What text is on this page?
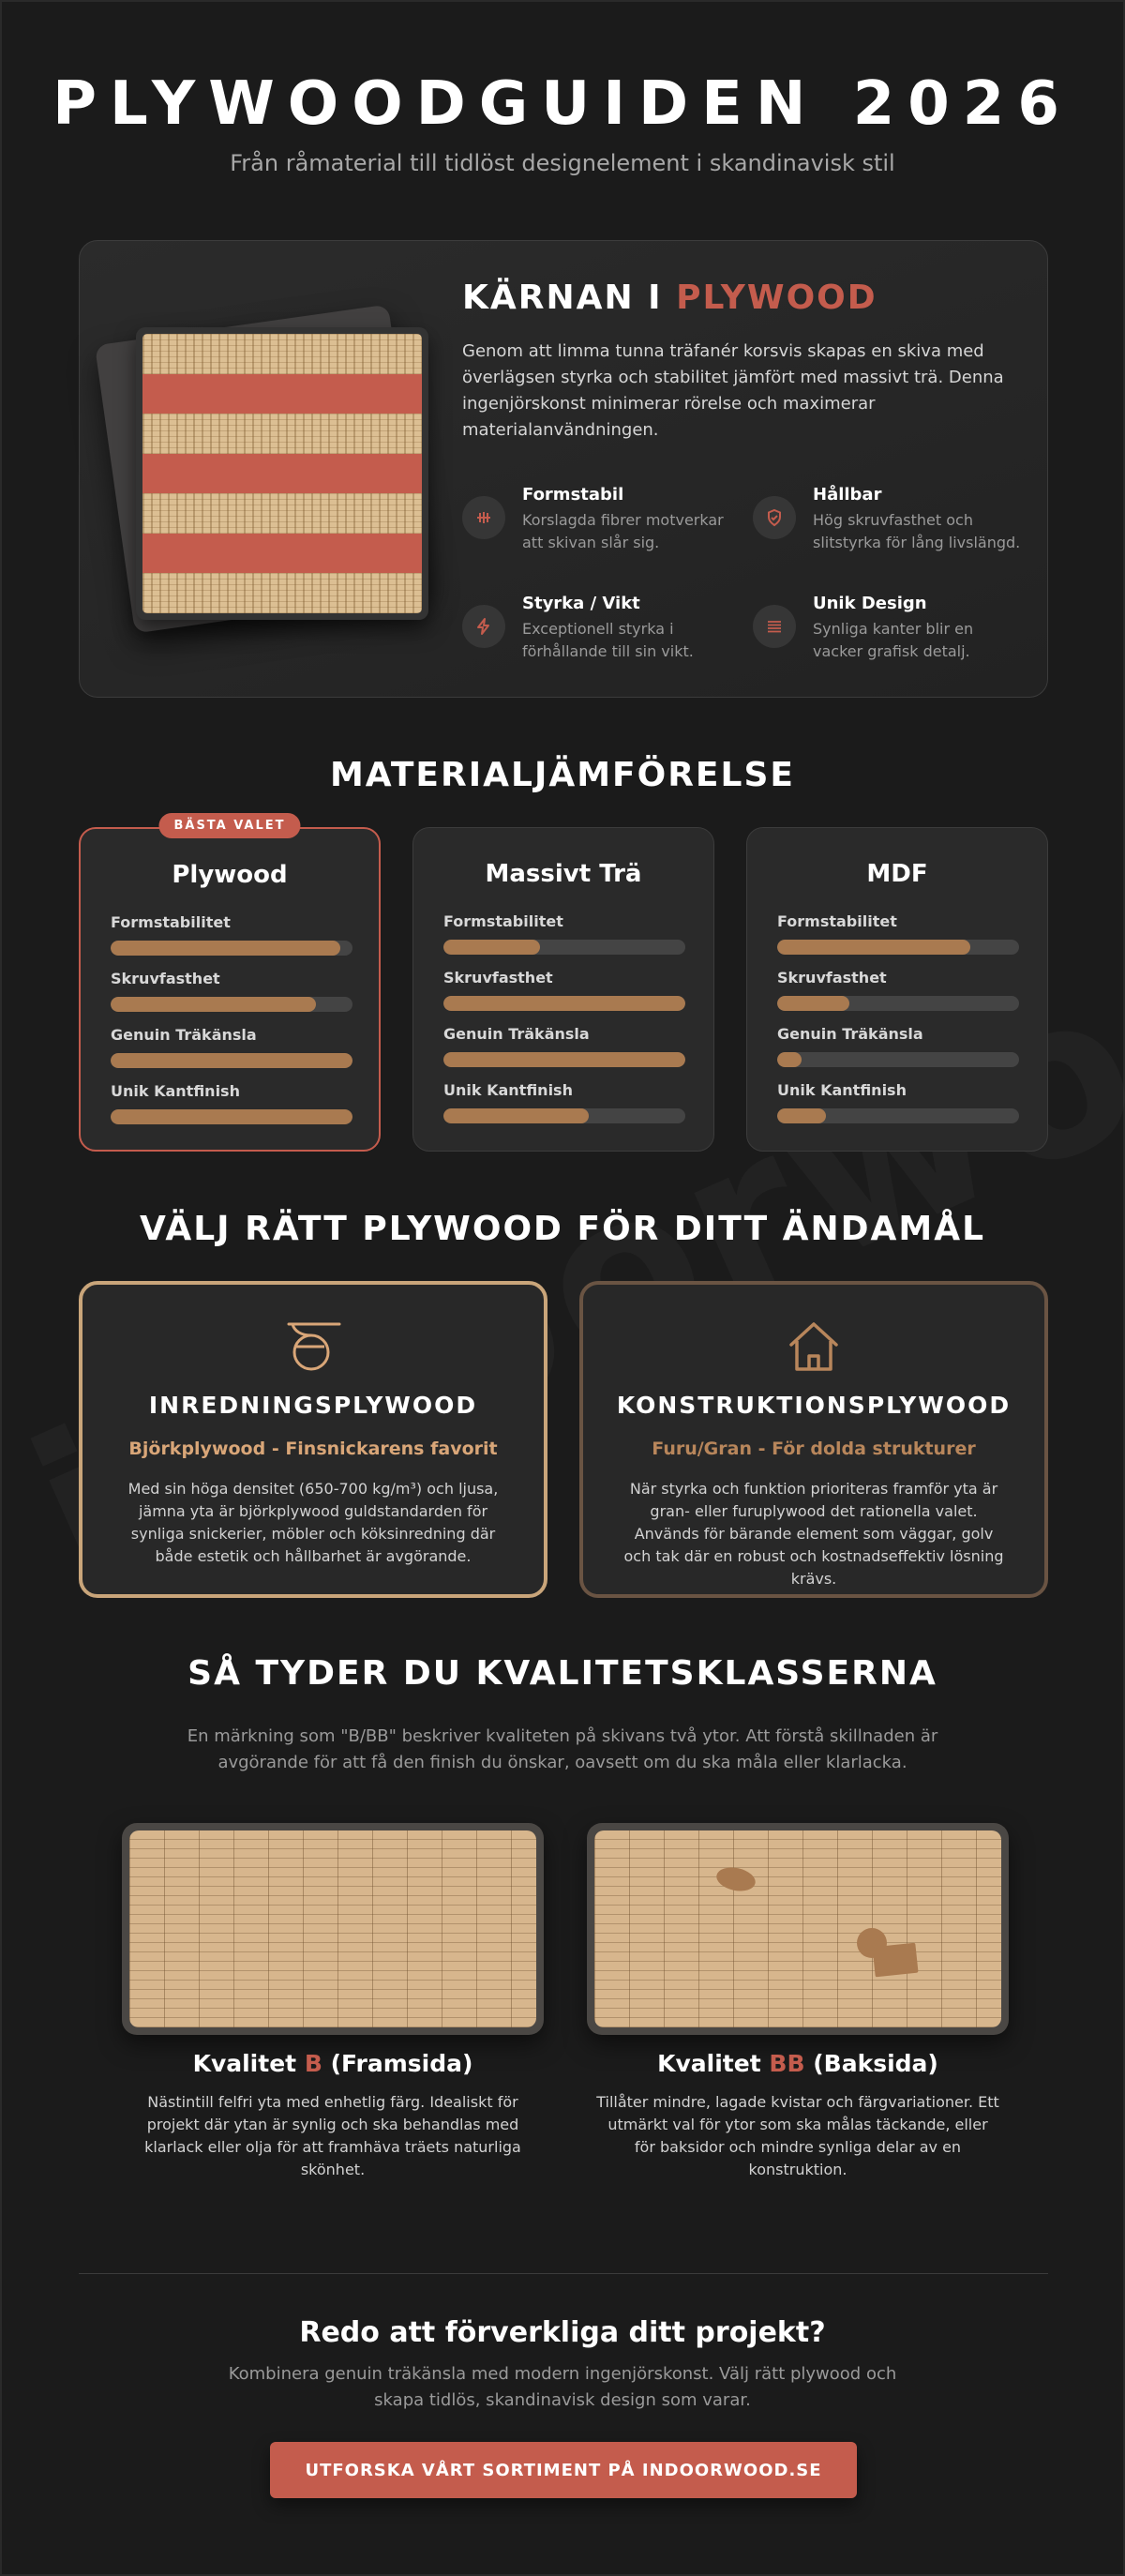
PLYWOODGUIDEN 2026
Från råmaterial till tidlöst designelement i skandinavisk stil
KÄRNAN I PLYWOOD

Genom att limma tunna träfanér korsvis skapas en skiva med överlägsen styrka och stabilitet jämfört med massivt trä. Denna ingenjörskonst minimerar rörelse och maximerar materialanvändningen.

Formstabil
Korslagda fibrer motverkar att skivan slår sig.
Hållbar
Hög skruvfasthet och slitstyrka för lång livslängd.
Styrka / Vikt
Exceptionell styrka i förhållande till sin vikt.
Unik Design
Synliga kanter blir en vacker grafisk detalj.
MATERIALJÄMFÖRELSE
BÄSTA VALET
Plywood
Formstabilitet
Skruvfasthet
Genuin Träkänsla
Unik Kantfinish
Massivt Trä
Formstabilitet
Skruvfasthet
Genuin Träkänsla
Unik Kantfinish
MDF
Formstabilitet
Skruvfasthet
Genuin Träkänsla
Unik Kantfinish
VÄLJ RÄTT PLYWOOD FÖR DITT ÄNDAMÅL
INREDNINGSPLYWOOD
Björkplywood - Finsnickarens favorit
Med sin höga densitet (650-700 kg/m³) och ljusa, jämna yta är björkplywood guldstandarden för synliga snickerier, möbler och köksinredning där både estetik och hållbarhet är avgörande.
KONSTRUKTIONSPLYWOOD
Furu/Gran - För dolda strukturer
När styrka och funktion prioriteras framför yta är gran- eller furuplywood det rationella valet. Används för bärande element som väggar, golv och tak där en robust och kostnadseffektiv lösning krävs.
SÅ TYDER DU KVALITETSKLASSERNA

En märkning som "B/BB" beskriver kvaliteten på skivans två ytor. Att förstå skillnaden är avgörande för att få den finish du önskar, oavsett om du ska måla eller klarlacka.

Kvalitet B (Framsida)

Nästintill felfri yta med enhetlig färg. Idealiskt för projekt där ytan är synlig och ska behandlas med klarlack eller olja för att framhäva träets naturliga skönhet.

Kvalitet BB (Baksida)

Tillåter mindre, lagade kvistar och färgvariationer. Ett utmärkt val för ytor som ska målas täckande, eller för baksidor och mindre synliga delar av en konstruktion.

Redo att förverkliga ditt projekt?

Kombinera genuin träkänsla med modern ingenjörskonst. Välj rätt plywood och skapa tidlös, skandinavisk design som varar.

UTFORSKA VÅRT SORTIMENT PÅ INDOORWOOD.SE
